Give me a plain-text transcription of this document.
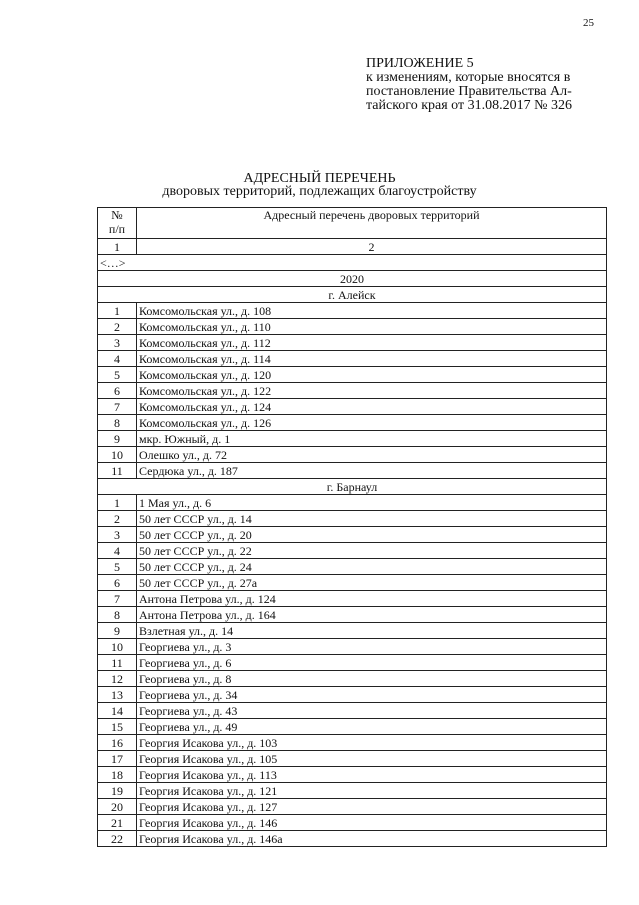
25
ПРИЛОЖЕНИЕ 5
к изменениям, которые вносятся в
постановление Правительства Ал-
тайского края от 31.08.2017 № 326
АДРЕСНЫЙ ПЕРЕЧЕНЬ
дворовых территорий, подлежащих благоустройству
№
п/п	Адресный перечень дворовых территорий
1	2
<…>	
2020	
г. Алейск	
1	Комсомольская ул., д. 108
2	Комсомольская ул., д. 110
3	Комсомольская ул., д. 112
4	Комсомольская ул., д. 114
5	Комсомольская ул., д. 120
6	Комсомольская ул., д. 122
7	Комсомольская ул., д. 124
8	Комсомольская ул., д. 126
9	мкр. Южный, д. 1
10	Олешко ул., д. 72
11	Сердюка ул., д. 187
г. Барнаул	
1	1 Мая ул., д. 6
2	50 лет СССР ул., д. 14
3	50 лет СССР ул., д. 20
4	50 лет СССР ул., д. 22
5	50 лет СССР ул., д. 24
6	50 лет СССР ул., д. 27а
7	Антона Петрова ул., д. 124
8	Антона Петрова ул., д. 164
9	Взлетная ул., д. 14
10	Георгиева ул., д. 3
11	Георгиева ул., д. 6
12	Георгиева ул., д. 8
13	Георгиева ул., д. 34
14	Георгиева ул., д. 43
15	Георгиева ул., д. 49
16	Георгия Исакова ул., д. 103
17	Георгия Исакова ул., д. 105
18	Георгия Исакова ул., д. 113
19	Георгия Исакова ул., д. 121
20	Георгия Исакова ул., д. 127
21	Георгия Исакова ул., д. 146
22	Георгия Исакова ул., д. 146а
